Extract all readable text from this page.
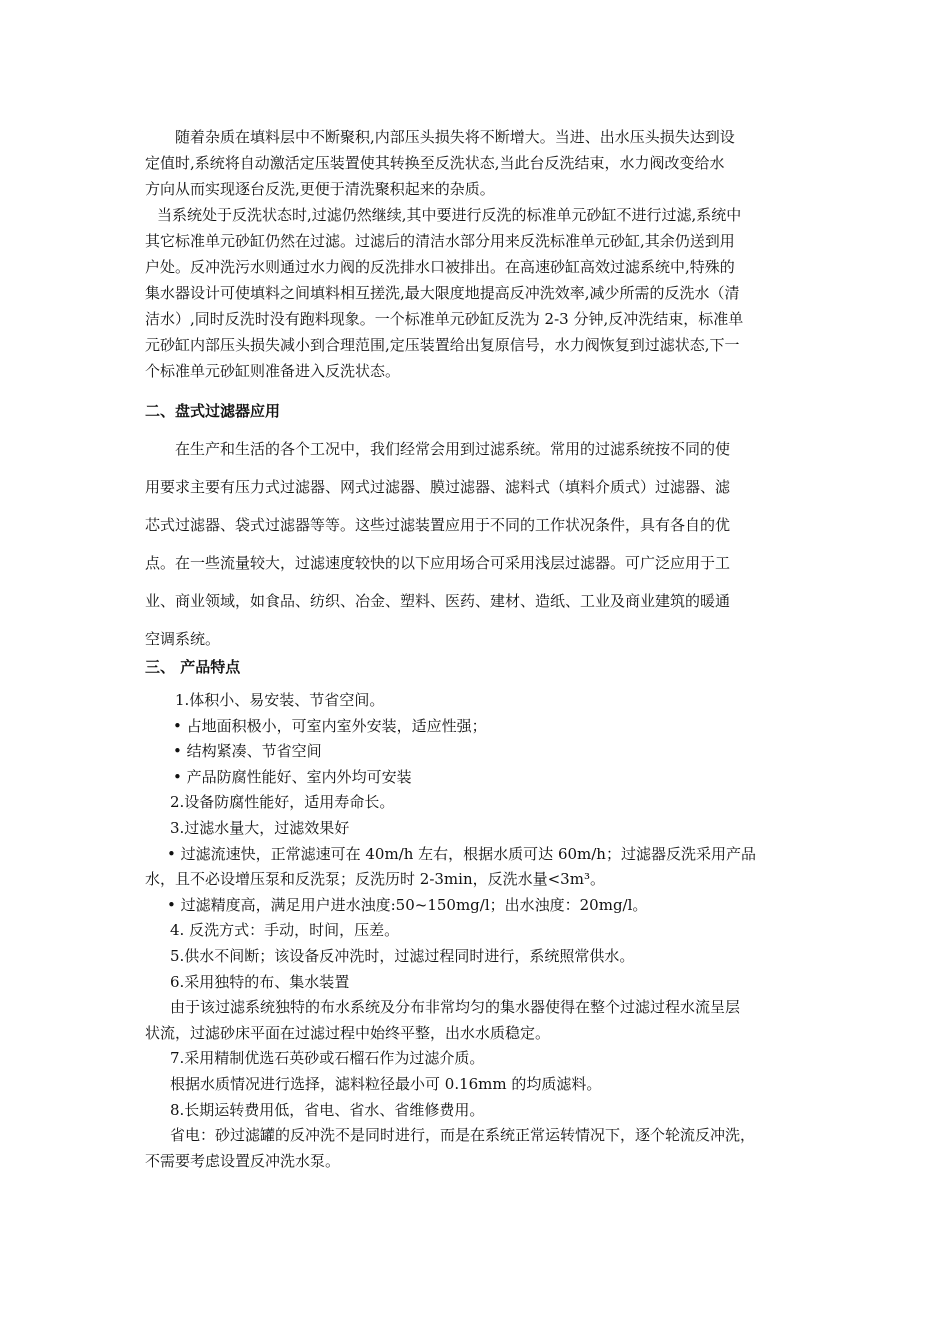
随着杂质在填料层中不断聚积,内部压头损失将不断增大。当进、出水压头损失达到设

定值时,系统将自动激活定压装置使其转换至反洗状态,当此台反洗结束，水力阀改变给水

方向从而实现逐台反洗,更便于清洗聚积起来的杂质。

当系统处于反洗状态时,过滤仍然继续,其中要进行反洗的标准单元砂缸不进行过滤,系统中

其它标准单元砂缸仍然在过滤。过滤后的清洁水部分用来反洗标准单元砂缸,其余仍送到用

户处。反冲洗污水则通过水力阀的反洗排水口被排出。在高速砂缸高效过滤系统中,特殊的

集水器设计可使填料之间填料相互搓洗,最大限度地提高反冲洗效率,减少所需的反洗水（清

洁水）,同时反洗时没有跑料现象。一个标准单元砂缸反洗为 2-3 分钟,反冲洗结束，标准单

元砂缸内部压头损失减小到合理范围,定压装置给出复原信号，水力阀恢复到过滤状态,下一

个标准单元砂缸则准备进入反洗状态。

二、盘式过滤器应用

在生产和生活的各个工况中，我们经常会用到过滤系统。常用的过滤系统按不同的使

用要求主要有压力式过滤器、网式过滤器、膜过滤器、滤料式（填料介质式）过滤器、滤

芯式过滤器、袋式过滤器等等。这些过滤装置应用于不同的工作状况条件，具有各自的优

点。在一些流量较大，过滤速度较快的以下应用场合可采用浅层过滤器。可广泛应用于工

业、商业领域，如食品、纺织、冶金、塑料、医药、建材、造纸、工业及商业建筑的暖通

空调系统。

三、 产品特点

1.体积小、易安装、节省空间。

• 占地面积极小，可室内室外安装，适应性强；

• 结构紧凑、节省空间

• 产品防腐性能好、室内外均可安装

2.设备防腐性能好，适用寿命长。

3.过滤水量大，过滤效果好

• 过滤流速快，正常滤速可在 40m/h 左右，根据水质可达 60m/h；过滤器反洗采用产品

水，且不必设增压泵和反洗泵；反洗历时 2-3min，反洗水量<3m³。

• 过滤精度高，满足用户进水浊度:50~150mg/l；出水浊度：20mg/l。

4. 反洗方式：手动，时间，压差。

5.供水不间断；该设备反冲洗时，过滤过程同时进行，系统照常供水。

6.采用独特的布、集水装置

由于该过滤系统独特的布水系统及分布非常均匀的集水器使得在整个过滤过程水流呈层

状流，过滤砂床平面在过滤过程中始终平整，出水水质稳定。

7.采用精制优选石英砂或石榴石作为过滤介质。

根据水质情况进行选择，滤料粒径最小可 0.16mm 的均质滤料。

8.长期运转费用低，省电、省水、省维修费用。

省电：砂过滤罐的反冲洗不是同时进行，而是在系统正常运转情况下，逐个轮流反冲洗，

不需要考虑设置反冲洗水泵。
